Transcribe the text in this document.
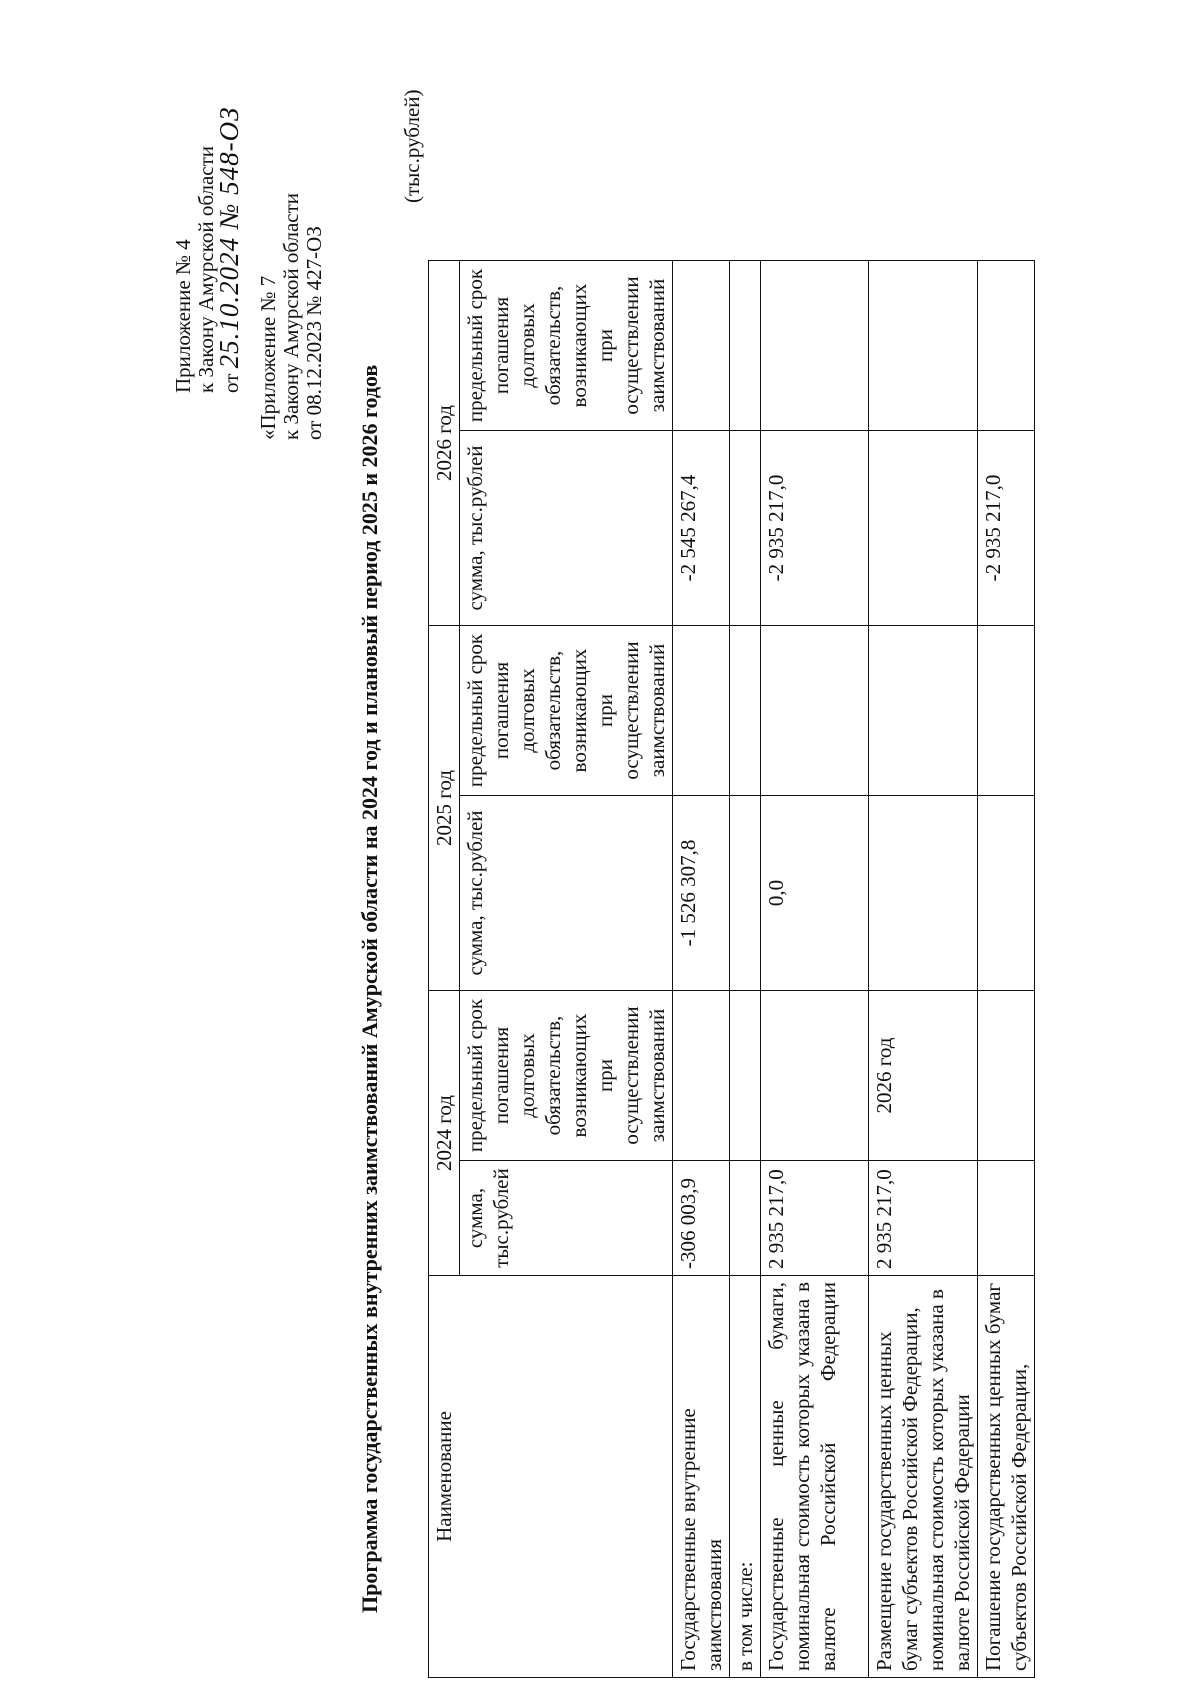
Приложение № 4 к Закону Амурской области от 25.10.2024 № 548-ОЗ «Приложение № 7 к Закону Амурской области от 08.12.2023 № 427-ОЗ
Программа государственных внутренних заимствований Амурской области на 2024 год и плановый период 2025 и 2026 годов
(тыс.рублей)
Наименование	2024 год		2025 год		2026 год	
	сумма, тыс.рублей	предельный срок погашения долговых обязательств, возникающих при осуществлении заимствований	сумма, тыс.рублей	предельный срок погашения долговых обязательств, возникающих при осуществлении заимствований	сумма, тыс.рублей	предельный срок погашения долговых обязательств, возникающих при осуществлении заимствований
Государственные внутренние заимствования	-306 003,9		-1 526 307,8		-2 545 267,4	
в том числе:						
Государственные ценные бумаги, номинальная стоимость которых указана в валюте Российской Федерации	2 935 217,0		0,0		-2 935 217,0	
Размещение государственных ценных бумаг субъектов Российской Федерации, номинальная стоимость которых указана в валюте Российской Федерации	2 935 217,0	2026 год				
Погашение государственных ценных бумаг субъектов Российской Федерации,					-2 935 217,0	
